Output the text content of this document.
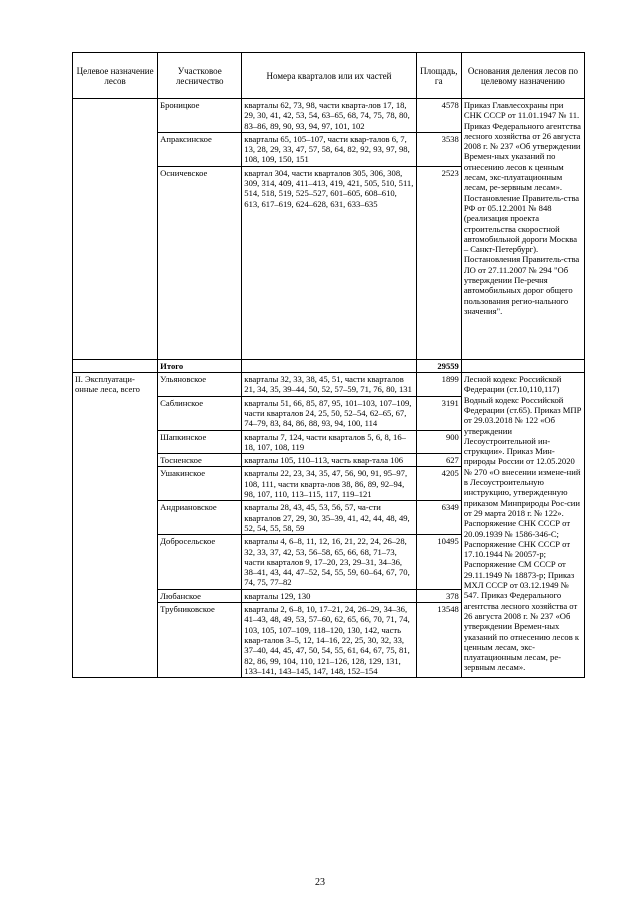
Целевое назначение лесов	Участковое лесничество	Номера кварталов или их частей	Площадь, га	Основания деления лесов по целевому назначению
	Броницкое	кварталы 62, 73, 98, части кварта-лов 17, 18, 29, 30, 41, 42, 53, 54, 63–65, 68, 74, 75, 78, 80, 83–86, 89, 90, 93, 94, 97, 101, 102	4578	Приказ Главлесохраны при СНК СССР от 11.01.1947 № 11. Приказ Федерального агентства лесного хозяйства от 26 августа 2008 г. № 237 «Об утверждении Времен-ных указаний по отнесению лесов к ценным лесам, экс-плуатационным лесам, ре-зервным лесам». Постановление Правитель-ства РФ от 05.12.2001 № 848 (реализация проекта строительства скоростной автомобильной дороги Москва – Санкт-Петербург). Постановления Правитель-ства ЛО от 27.11.2007 № 294 "Об утверждении Пе-речня автомобильных дорог общего пользования регио-нального значения".
	Апраксинское	кварталы 65, 105–107, части квар-талов 6, 7, 13, 28, 29, 33, 47, 57, 58, 64, 82, 92, 93, 97, 98, 108, 109, 150, 151	3538	
	Осничевское	квартал 304, части кварталов 305, 306, 308, 309, 314, 409, 411–413, 419, 421, 505, 510, 511, 514, 518, 519, 525–527, 601–605, 608–610, 613, 617–619, 624–628, 631, 633–635	2523	
	Итого		29559	
II. Эксплуатаци-онные леса, всего	Ульяновское	кварталы 32, 33, 38, 45, 51, части кварталов 21, 34, 35, 39–44, 50, 52, 57–59, 71, 76, 80, 131	1899	Лесной кодекс Российской Федерации (ст.10,110,117) Водный кодекс Российской Федерации (ст.65). Приказ МПР от 29.03.2018 № 122 «Об утверждении Лесоустроительной ин-струкции». Приказ Мин-природы России от 12.05.2020 № 270 «О внесении измене-ний в Лесоустроительную инструкцию, утвержденную приказом Минприроды Рос-сии от 29 марта 2018 г. № 122». Распоряжение СНК СССР от 20.09.1939 № 1586-346-С; Распоряжение СНК СССР от 17.10.1944 № 20057-р; Распоряжение СМ СССР от 29.11.1949 № 18873-р; Приказ МХЛ СССР от 03.12.1949 № 547. Приказ Федерального агентства лесного хозяйства от 26 августа 2008 г. № 237 «Об утверждении Времен-ных указаний по отнесению лесов к ценным лесам, экс-плуатационным лесам, ре-зервным лесам».
	Саблинское	кварталы 51, 66, 85, 87, 95, 101–103, 107–109, части кварталов 24, 25, 50, 52–54, 62–65, 67, 74–79, 83, 84, 86, 88, 93, 94, 100, 114	3191	
	Шапкинское	кварталы 7, 124, части кварталов 5, 6, 8, 16–18, 107, 108, 119	900	
	Тосненское	кварталы 105, 110–113, часть квар-тала 106	627	
	Ушакинское	кварталы 22, 23, 34, 35, 47, 56, 90, 91, 95–97, 108, 111, части кварта-лов 38, 86, 89, 92–94, 98, 107, 110, 113–115, 117, 119–121	4205	
	Андриановское	кварталы 28, 43, 45, 53, 56, 57, ча-сти кварталов 27, 29, 30, 35–39, 41, 42, 44, 48, 49, 52, 54, 55, 58, 59	6349	
	Добросельское	кварталы 4, 6–8, 11, 12, 16, 21, 22, 24, 26–28, 32, 33, 37, 42, 53, 56–58, 65, 66, 68, 71–73, части кварталов 9, 17–20, 23, 29–31, 34–36, 38–41, 43, 44, 47–52, 54, 55, 59, 60–64, 67, 70, 74, 75, 77–82	10495	
	Любанское	кварталы 129, 130	378	
	Трубниковское	кварталы 2, 6–8, 10, 17–21, 24, 26–29, 34–36, 41–43, 48, 49, 53, 57–60, 62, 65, 66, 70, 71, 74, 103, 105, 107–109, 118–120, 130, 142, часть квар-талов 3–5, 12, 14–16, 22, 25, 30, 32, 33, 37–40, 44, 45, 47, 50, 54, 55, 61, 64, 67, 75, 81, 82, 86, 99, 104, 110, 121–126, 128, 129, 131, 133–141, 143–145, 147, 148, 152–154	13548	
23
